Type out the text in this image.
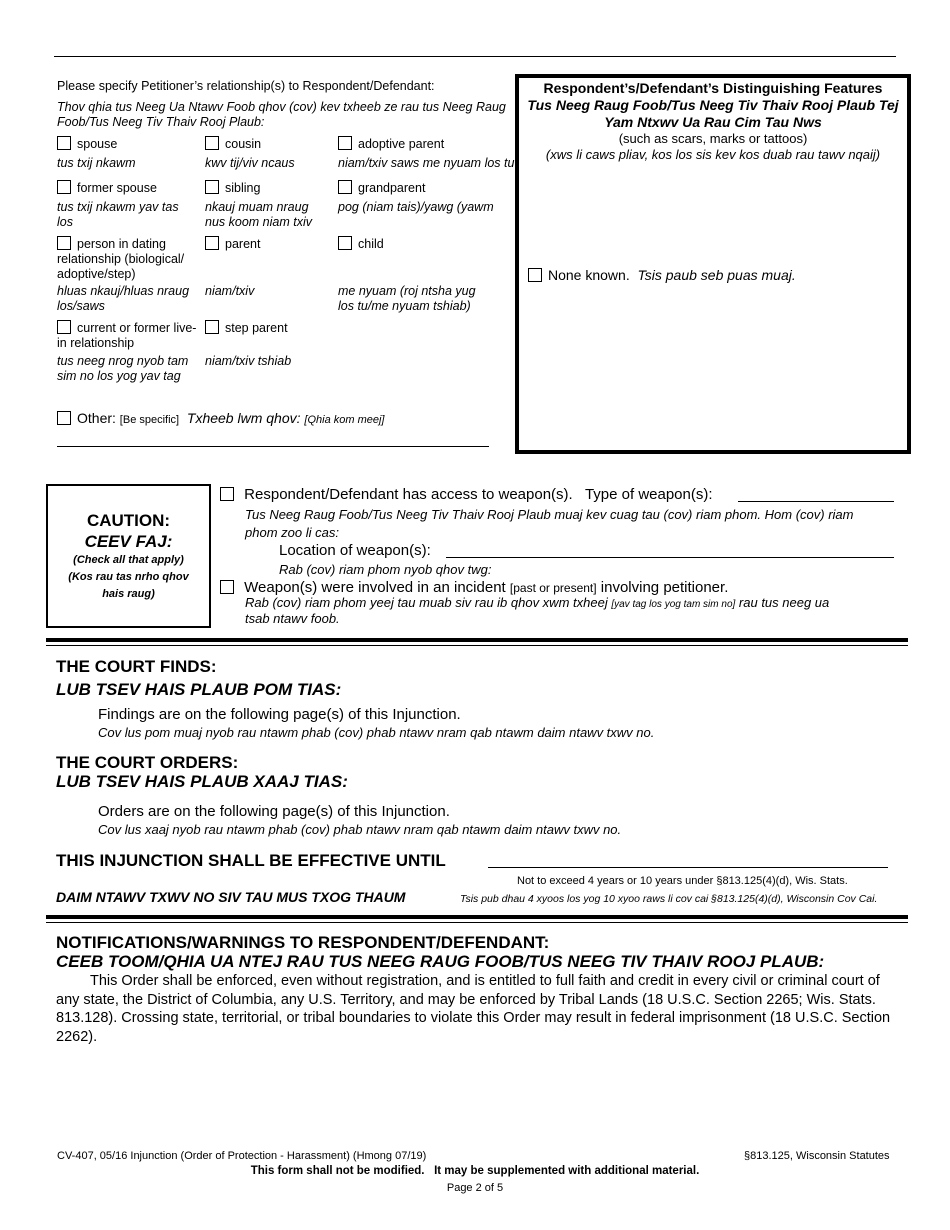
Please specify Petitioner’s relationship(s) to Respondent/Defendant:
Thov qhia tus Neeg Ua Ntawv Foob qhov (cov) kev txheeb ze rau tus Neeg Raug Foob/Tus Neeg Tiv Thaiv Rooj Plaub:
spouse
tus txij nkawm
cousin
kwv tij/viv ncaus
adoptive parent
niam/txiv saws me nyuam los tu
former spouse
tus txij nkawm yav tas los
sibling
nkauj muam nraug nus koom niam txiv
grandparent
pog (niam tais)/yawg (yawm
person in dating relationship (biological/ adoptive/step)
hluas nkauj/hluas nraug los/saws
parent
niam/txiv
child
me nyuam (roj ntsha yug los tu/me nyuam tshiab)
current or former live-in relationship
tus neeg nrog nyob tam sim no los yog yav tag
step parent
niam/txiv tshiab
Other: [Be specific] Txheeb lwm qhov: [Qhia kom meej]
Respondent’s/Defendant’s Distinguishing Features
Tus Neeg Raug Foob/Tus Neeg Tiv Thaiv Rooj Plaub Tej
Yam Ntxwv Ua Rau Cim Tau Nws
(such as scars, marks or tattoos)
(xws li caws pliav, kos los sis kev kos duab rau tawv nqaij)
None known. Tsis paub seb puas muaj.
CAUTION:
CEEV FAJ:
(Check all that apply)
(Kos rau tas nrho qhov
hais raug)
Respondent/Defendant has access to weapon(s). Type of weapon(s):
Tus Neeg Raug Foob/Tus Neeg Tiv Thaiv Rooj Plaub muaj kev cuag tau (cov) riam phom. Hom (cov) riam phom zoo li cas:
Location of weapon(s):
Rab (cov) riam phom nyob qhov twg:
Weapon(s) were involved in an incident [past or present] involving petitioner.
Rab (cov) riam phom yeej tau muab siv rau ib qhov xwm txheej [yav tag los yog tam sim no] rau tus neeg ua tsab ntawv foob.
THE COURT FINDS:
LUB TSEV HAIS PLAUB POM TIAS:
Findings are on the following page(s) of this Injunction.
Cov lus pom muaj nyob rau ntawm phab (cov) phab ntawv nram qab ntawm daim ntawv txwv no.
THE COURT ORDERS:
LUB TSEV HAIS PLAUB XAAJ TIAS:
Orders are on the following page(s) of this Injunction.
Cov lus xaaj nyob rau ntawm phab (cov) phab ntawv nram qab ntawm daim ntawv txwv no.
THIS INJUNCTION SHALL BE EFFECTIVE UNTIL
Not to exceed 4 years or 10 years under §813.125(4)(d), Wis. Stats.
DAIM NTAWV TXWV NO SIV TAU MUS TXOG THAUM	Tsis pub dhau 4 xyoos los yog 10 xyoo raws li cov cai §813.125(4)(d), Wisconsin Cov Cai.
NOTIFICATIONS/WARNINGS TO RESPONDENT/DEFENDANT:
CEEB TOOM/QHIA UA NTEJ RAU TUS NEEG RAUG FOOB/TUS NEEG TIV THAIV ROOJ PLAUB:
This Order shall be enforced, even without registration, and is entitled to full faith and credit in every civil or criminal court of any state, the District of Columbia, any U.S. Territory, and may be enforced by Tribal Lands (18 U.S.C. Section 2265; Wis. Stats. 813.128). Crossing state, territorial, or tribal boundaries to violate this Order may result in federal imprisonment (18 U.S.C. Section 2262).
CV-407, 05/16 Injunction (Order of Protection - Harassment) (Hmong 07/19)	§813.125, Wisconsin Statutes
This form shall not be modified.   It may be supplemented with additional material.
Page 2 of 5
